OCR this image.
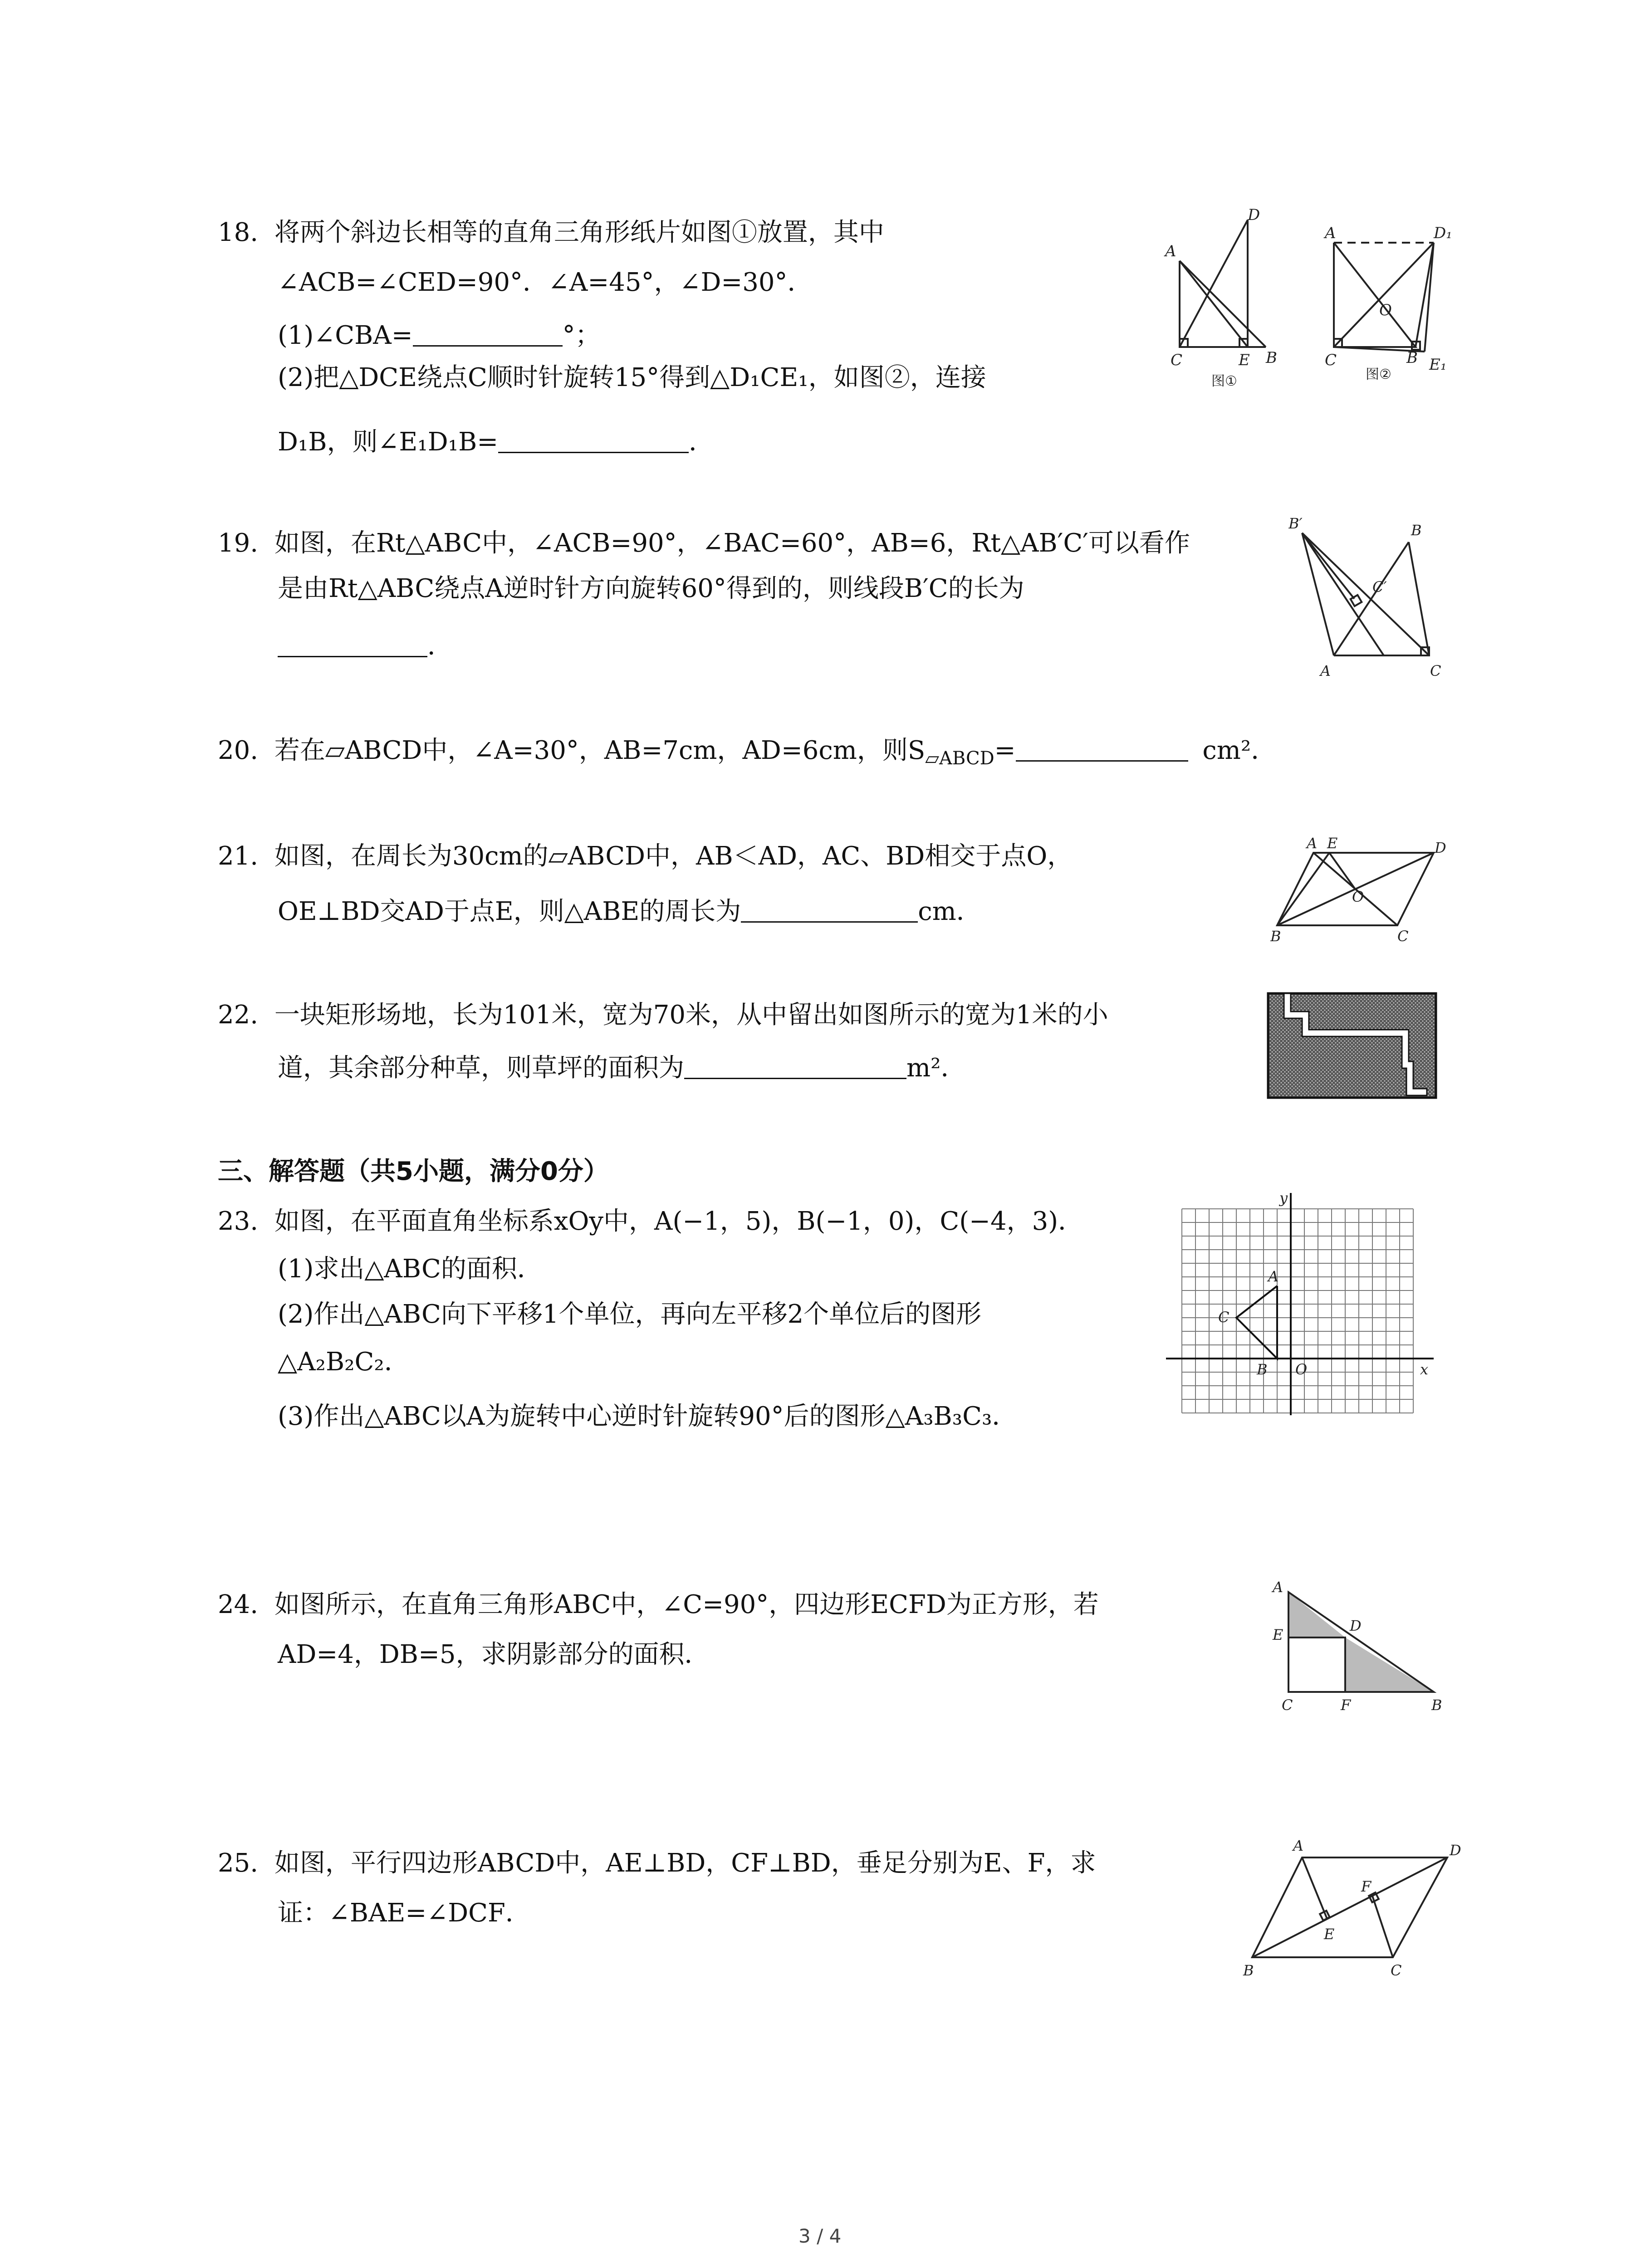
18. 将两个斜边长相等的直角三角形纸片如图①放置，其中
∠ACB=∠CED=90°．∠A=45°，∠D=30°．
(1)∠CBA=	°；
(2)把△DCE绕点C顺时针旋转15°得到△D₁CE₁，如图②，连接
D₁B，则∠E₁D₁B=	．
A
D
C	E B
A	D₁
O
C	B E₁
图①	图②
19. 如图，在Rt△ABC中，∠ACB=90°，∠BAC=60°，AB=6，Rt△AB′C′可以看作
是由Rt△ABC绕点A逆时针方向旋转60°得到的，则线段B′C的长为
．
B′	B
C′
A	C
20. 若在▱ABCD中，∠A=30°，AB=7cm，AD=6cm，则$S_{▱ABCD}=$	cm²．
21. 如图，在周长为30cm的▱ABCD中，AB＜AD，AC、BD相交于点O，
OE⊥BD交AD于点E，则△ABE的周长为	cm．
A E	D
O
B	C
22. 一块矩形场地，长为101米，宽为70米，从中留出如图所示的宽为1米的小
道，其余部分种草，则草坪的面积为	m²．
三、解答题（共5小题，满分0分）
23. 如图，在平面直角坐标系xOy中，A(−1，5)，B(−1，0)，C(−4，3)．
(1)求出△ABC的面积．
(2)作出△ABC向下平移1个单位，再向左平移2个单位后的图形
△A₂B₂C₂．
(3)作出△ABC以A为旋转中心逆时针旋转90°后的图形△A₃B₃C₃．
y
A
C
B O	x
24. 如图所示，在直角三角形ABC中，∠C=90°，四边形ECFD为正方形，若
AD=4，DB=5，求阴影部分的面积．
A
E
D
C	F	B
25. 如图，平行四边形ABCD中，AE⊥BD，CF⊥BD，垂足分别为E、F，求
证：∠BAE=∠DCF．
A	D
F
E
B	C
3 / 4
